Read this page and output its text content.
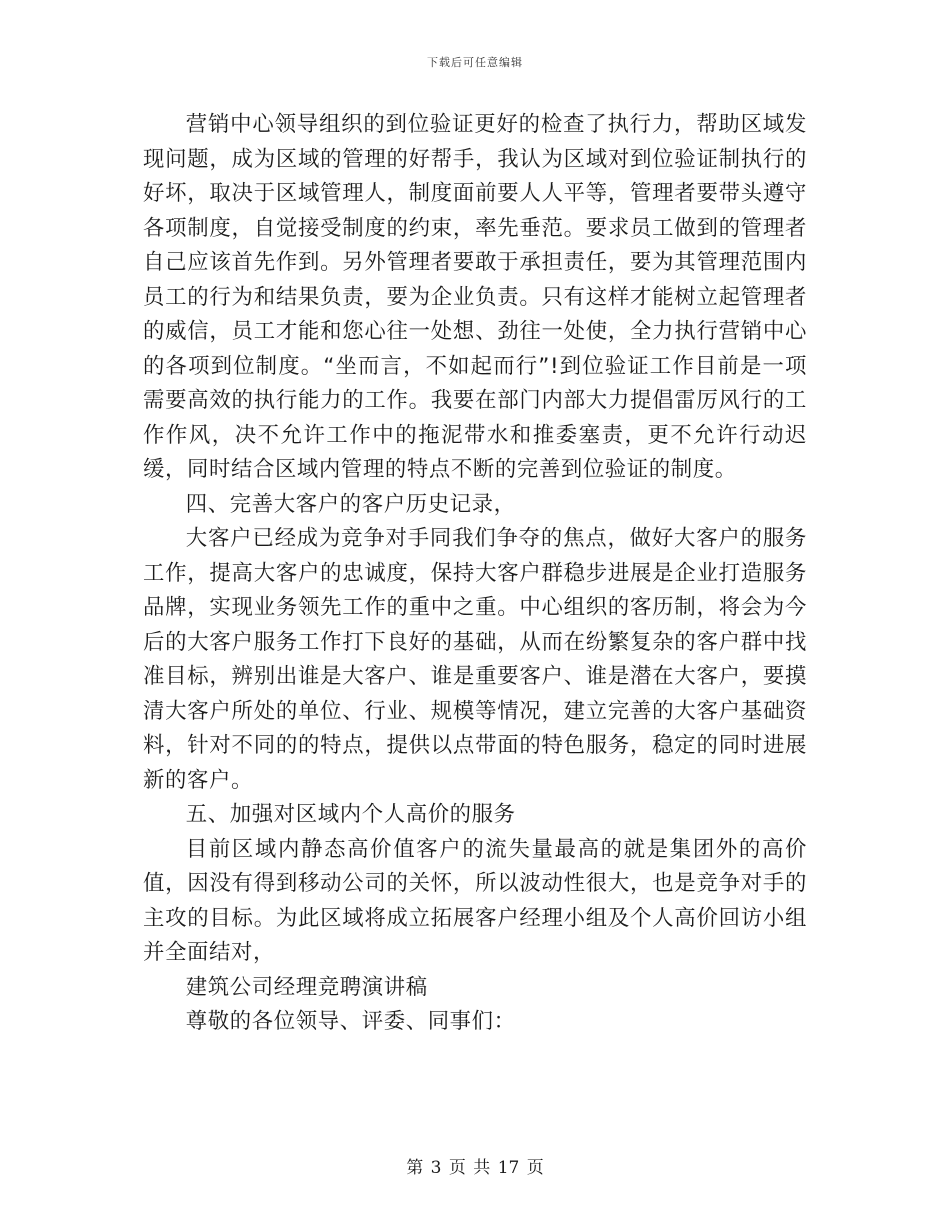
下载后可任意编辑

营销中心领导组织的到位验证更好的检查了执行力，帮助区域发现问题，成为区域的管理的好帮手，我认为区域对到位验证制执行的好坏，取决于区域管理人，制度面前要人人平等，管理者要带头遵守各项制度，自觉接受制度的约束，率先垂范。要求员工做到的管理者自己应该首先作到。另外管理者要敢于承担责任，要为其管理范围内员工的行为和结果负责，要为企业负责。只有这样才能树立起管理者的威信，员工才能和您心往一处想、劲往一处使，全力执行营销中心的各项到位制度。“坐而言，不如起而行”!到位验证工作目前是一项需要高效的执行能力的工作。我要在部门内部大力提倡雷厉风行的工作作风，决不允许工作中的拖泥带水和推委塞责，更不允许行动迟缓，同时结合区域内管理的特点不断的完善到位验证的制度。

四、完善大客户的客户历史记录，

大客户已经成为竞争对手同我们争夺的焦点，做好大客户的服务工作，提高大客户的忠诚度，保持大客户群稳步进展是企业打造服务品牌，实现业务领先工作的重中之重。中心组织的客历制，将会为今后的大客户服务工作打下良好的基础，从而在纷繁复杂的客户群中找准目标，辨别出谁是大客户、谁是重要客户、谁是潜在大客户，要摸清大客户所处的单位、行业、规模等情况，建立完善的大客户基础资料，针对不同的的特点，提供以点带面的特色服务，稳定的同时进展新的客户。

五、加强对区域内个人高价的服务

目前区域内静态高价值客户的流失量最高的就是集团外的高价值，因没有得到移动公司的关怀，所以波动性很大，也是竞争对手的主攻的目标。为此区域将成立拓展客户经理小组及个人高价回访小组并全面结对，

建筑公司经理竞聘演讲稿

尊敬的各位领导、评委、同事们：

第 3 页 共 17 页
